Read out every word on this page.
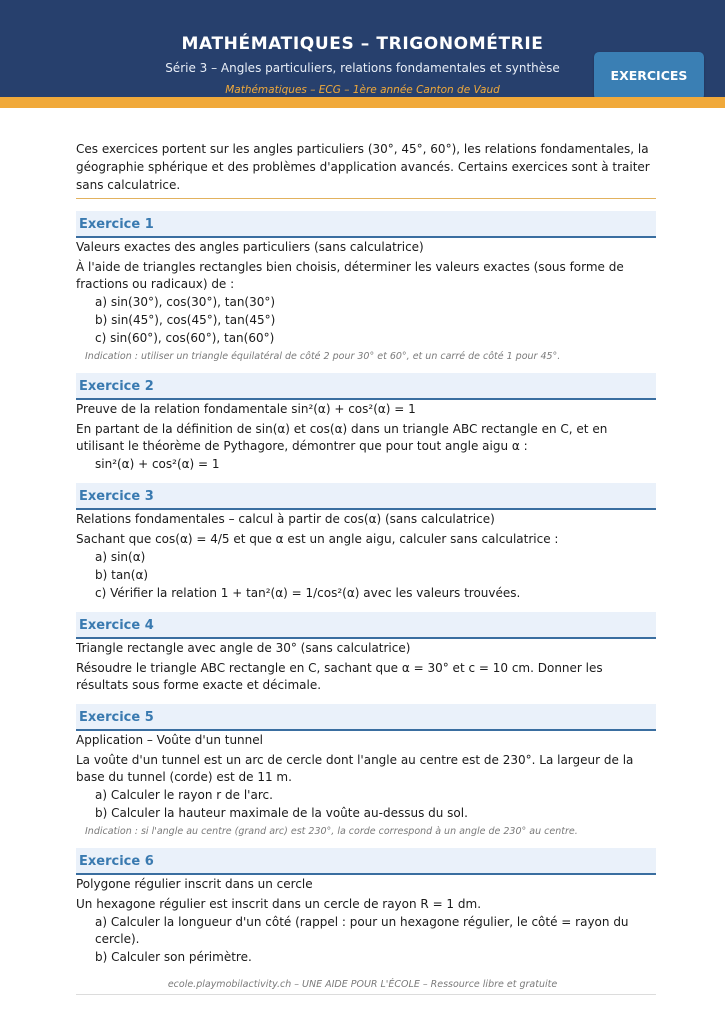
MATHÉMATIQUES – TRIGONOMÉTRIE
Série 3 – Angles particuliers, relations fondamentales et synthèse
Mathématiques – ECG – 1ère année Canton de Vaud
EXERCICES

Ces exercices portent sur les angles particuliers (30°, 45°, 60°), les relations fondamentales, la géographie sphérique et des problèmes d'application avancés. Certains exercices sont à traiter sans calculatrice.

Exercice 1
Valeurs exactes des angles particuliers (sans calculatrice)
À l'aide de triangles rectangles bien choisis, déterminer les valeurs exactes (sous forme de fractions ou radicaux) de :
a) sin(30°), cos(30°), tan(30°)
b) sin(45°), cos(45°), tan(45°)
c) sin(60°), cos(60°), tan(60°)
Indication : utiliser un triangle équilatéral de côté 2 pour 30° et 60°, et un carré de côté 1 pour 45°.
Exercice 2
Preuve de la relation fondamentale sin²(α) + cos²(α) = 1
En partant de la définition de sin(α) et cos(α) dans un triangle ABC rectangle en C, et en utilisant le théorème de Pythagore, démontrer que pour tout angle aigu α :
sin²(α) + cos²(α) = 1
Exercice 3
Relations fondamentales – calcul à partir de cos(α) (sans calculatrice)
Sachant que cos(α) = 4/5 et que α est un angle aigu, calculer sans calculatrice :
a) sin(α)
b) tan(α)
c) Vérifier la relation 1 + tan²(α) = 1/cos²(α) avec les valeurs trouvées.
Exercice 4
Triangle rectangle avec angle de 30° (sans calculatrice)
Résoudre le triangle ABC rectangle en C, sachant que α = 30° et c = 10 cm. Donner les résultats sous forme exacte et décimale.
Exercice 5
Application – Voûte d'un tunnel
La voûte d'un tunnel est un arc de cercle dont l'angle au centre est de 230°. La largeur de la base du tunnel (corde) est de 11 m.
a) Calculer le rayon r de l'arc.
b) Calculer la hauteur maximale de la voûte au-dessus du sol.
Indication : si l'angle au centre (grand arc) est 230°, la corde correspond à un angle de 230° au centre.
Exercice 6
Polygone régulier inscrit dans un cercle
Un hexagone régulier est inscrit dans un cercle de rayon R = 1 dm.
a) Calculer la longueur d'un côté (rappel : pour un hexagone régulier, le côté = rayon du cercle).
b) Calculer son périmètre.
ecole.playmobilactivity.ch – UNE AIDE POUR L'ÉCOLE – Ressource libre et gratuite
